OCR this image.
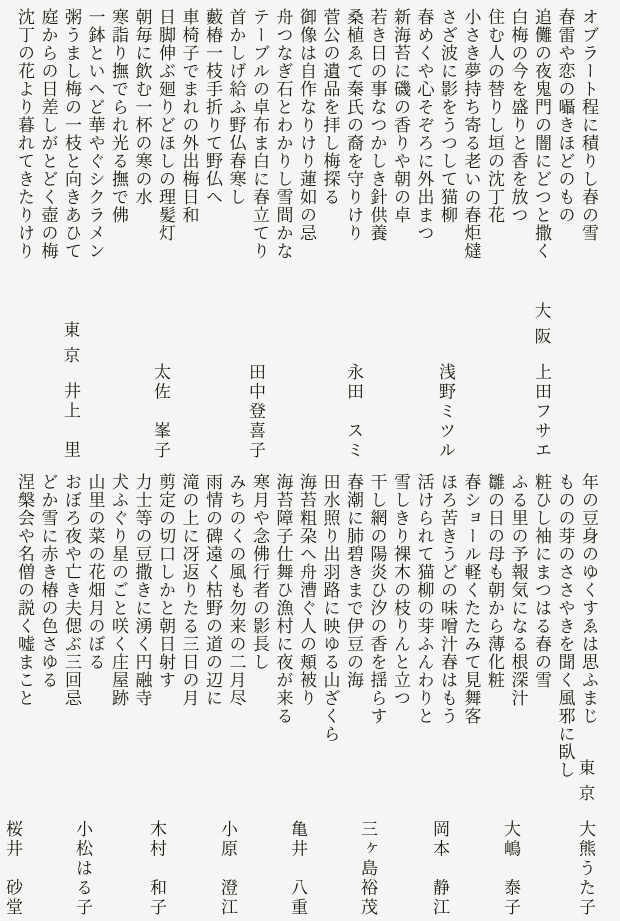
オブラート程に積りし春の雪
春雷や恋の囁きほどのもの
追儺の夜鬼門の闇にどつと撒く
白梅の今を盛りと香を放つ
住む人の替りし垣の沈丁花
小さき夢持ち寄る老いの春炬燵
さざ波に影をうつして猫柳
春めくや心そぞろに外出まつ
新海苔に磯の香りや朝の卓
若き日の事なつかしき針供養
桑植ゑて秦氏の裔を守りけり
菅公の遺品を拝し梅探る
御像は自作なりけり蓮如の忌
舟つなぎ石とわかりし雪間かな
テーブルの卓布ま白に春立てり
首かしげ給ふ野仏春寒し
藪椿一枝手折りて野仏へ
車椅子でまれの外出梅日和
日脚伸ぶ廻りどほしの理髪灯
朝毎に飲む一杯の寒の水
寒詣り撫でられ光る撫で佛
一鉢といへど華やぐシクラメン
粥うまし梅の一枝と向きあひて
庭からの日差しがとどく壺の梅
沈丁の花より暮れてきたりけり
大阪上田フサエ
浅野ミツル
永田　スミ
田中登喜子
太佐　峯子
東京井上　里
年の豆身のゆくすゑは思ふまじ
ものの芽のささやきを聞く風邪に臥し
粧ひし袖にまつはる春の雪
ふる里の予報気になる根深汁
雛の日の母も朝から薄化粧
春ショール軽くたたみて見舞客
ほろ苦きうどの味噌汁春はもう
活けられて猫柳の芽ふんわりと
雪しきり裸木の枝りんと立つ
干し網の陽炎ひ汐の香を揺らす
春潮に肺碧きまで伊豆の海
田水照り出羽路に映ゆる山ざくら
海苔粗朶へ舟漕ぐ人の頬被り
海苔障子仕舞ひ漁村に夜が来る
寒月や念佛行者の影長し
みちのくの風も勿来の二月尽
雨情の碑遠く枯野の道の辺に
滝の上に冴返りたる三日の月
剪定の切口しかと朝日射す
力士等の豆撒きに湧く円融寺
犬ふぐり星のごと咲く庄屋跡
山里の菜の花畑月のぼる
おぼろ夜や亡き夫偲ぶ三回忌
どか雪に赤き椿の色さゆる
涅槃会や名僧の説く嘘まこと
東京大熊うた子
大嶋　泰子
岡本　静江
三ヶ島裕茂
亀井　八重
小原　澄江
木村　和子
小松はる子
桜井　砂堂
